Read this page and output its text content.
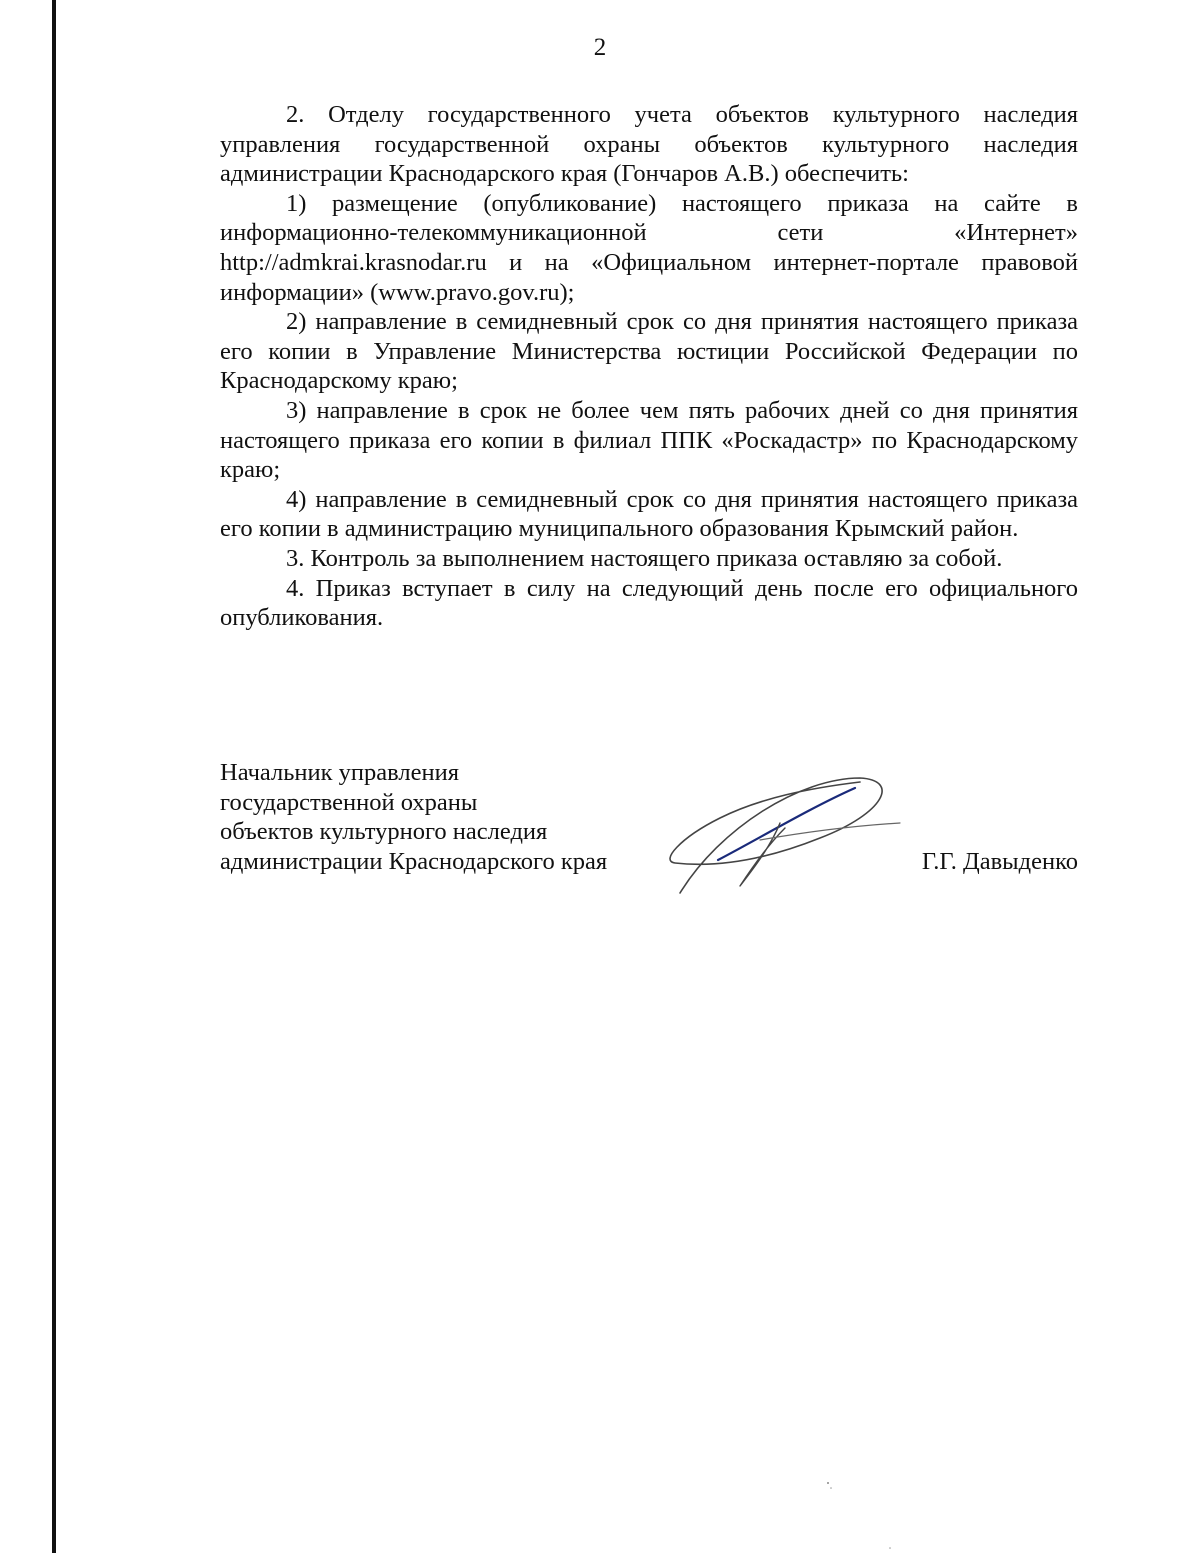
2

2. Отделу государственного учета объектов культурного наследия управления государственной охраны объектов культурного наследия администрации Краснодарского края (Гончаров А.В.) обеспечить:

1) размещение (опубликование) настоящего приказа на сайте в информационно-телекоммуникационной сети «Интернет» http://admkrai.krasnodar.ru и на «Официальном интернет-портале правовой информации» (www.pravo.gov.ru);

2) направление в семидневный срок со дня принятия настоящего приказа его копии в Управление Министерства юстиции Российской Федерации по Краснодарскому краю;

3) направление в срок не более чем пять рабочих дней со дня принятия настоящего приказа его копии в филиал ППК «Роскадастр» по Краснодарскому краю;

4) направление в семидневный срок со дня принятия настоящего приказа его копии в администрацию муниципального образования Крымский район.

3. Контроль за выполнением настоящего приказа оставляю за собой.

4. Приказ вступает в силу на следующий день после его официального опубликования.

Начальник управления
государственной охраны
объектов культурного наследия
администрации Краснодарского края	Г.Г. Давыденко
